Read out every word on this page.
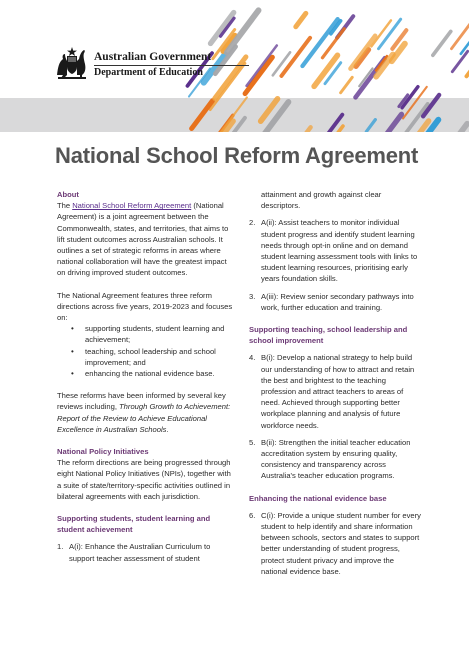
Australian Government
Department of Education
National School Reform Agreement
About

The National School Reform Agreement (National Agreement) is a joint agreement between the Commonwealth, states, and territories, that aims to lift student outcomes across Australian schools. It outlines a set of strategic reforms in areas where national collaboration will have the greatest impact on driving improved student outcomes.

The National Agreement features three reform directions across five years, 2019-2023 and focuses on:

• supporting students, student learning and achievement;
• teaching, school leadership and school improvement; and
• enhancing the national evidence base.

These reforms have been informed by several key reviews including, Through Growth to Achievement: Report of the Review to Achieve Educational Excellence in Australian Schools.

National Policy Initiatives

The reform directions are being progressed through eight National Policy Initiatives (NPIs), together with a suite of state/territory-specific activities outlined in bilateral agreements with each jurisdiction.

Supporting students, student learning and student achievement
1. A(i): Enhance the Australian Curriculum to support teacher assessment of student
attainment and growth against clear descriptors.
2. A(ii): Assist teachers to monitor individual student progress and identify student learning needs through opt-in online and on demand student learning assessment tools with links to student learning resources, prioritising early years foundation skills.
3. A(iii): Review senior secondary pathways into work, further education and training.
Supporting teaching, school leadership and school improvement
4. B(i): Develop a national strategy to help build our understanding of how to attract and retain the best and brightest to the teaching profession and attract teachers to areas of need. Achieved through supporting better workplace planning and analysis of future workforce needs.
5. B(ii): Strengthen the initial teacher education accreditation system by ensuring quality, consistency and transparency across Australia's teacher education programs.
Enhancing the national evidence base
6. C(i): Provide a unique student number for every student to help identify and share information between schools, sectors and states to support better understanding of student progress, protect student privacy and improve the national evidence base.
